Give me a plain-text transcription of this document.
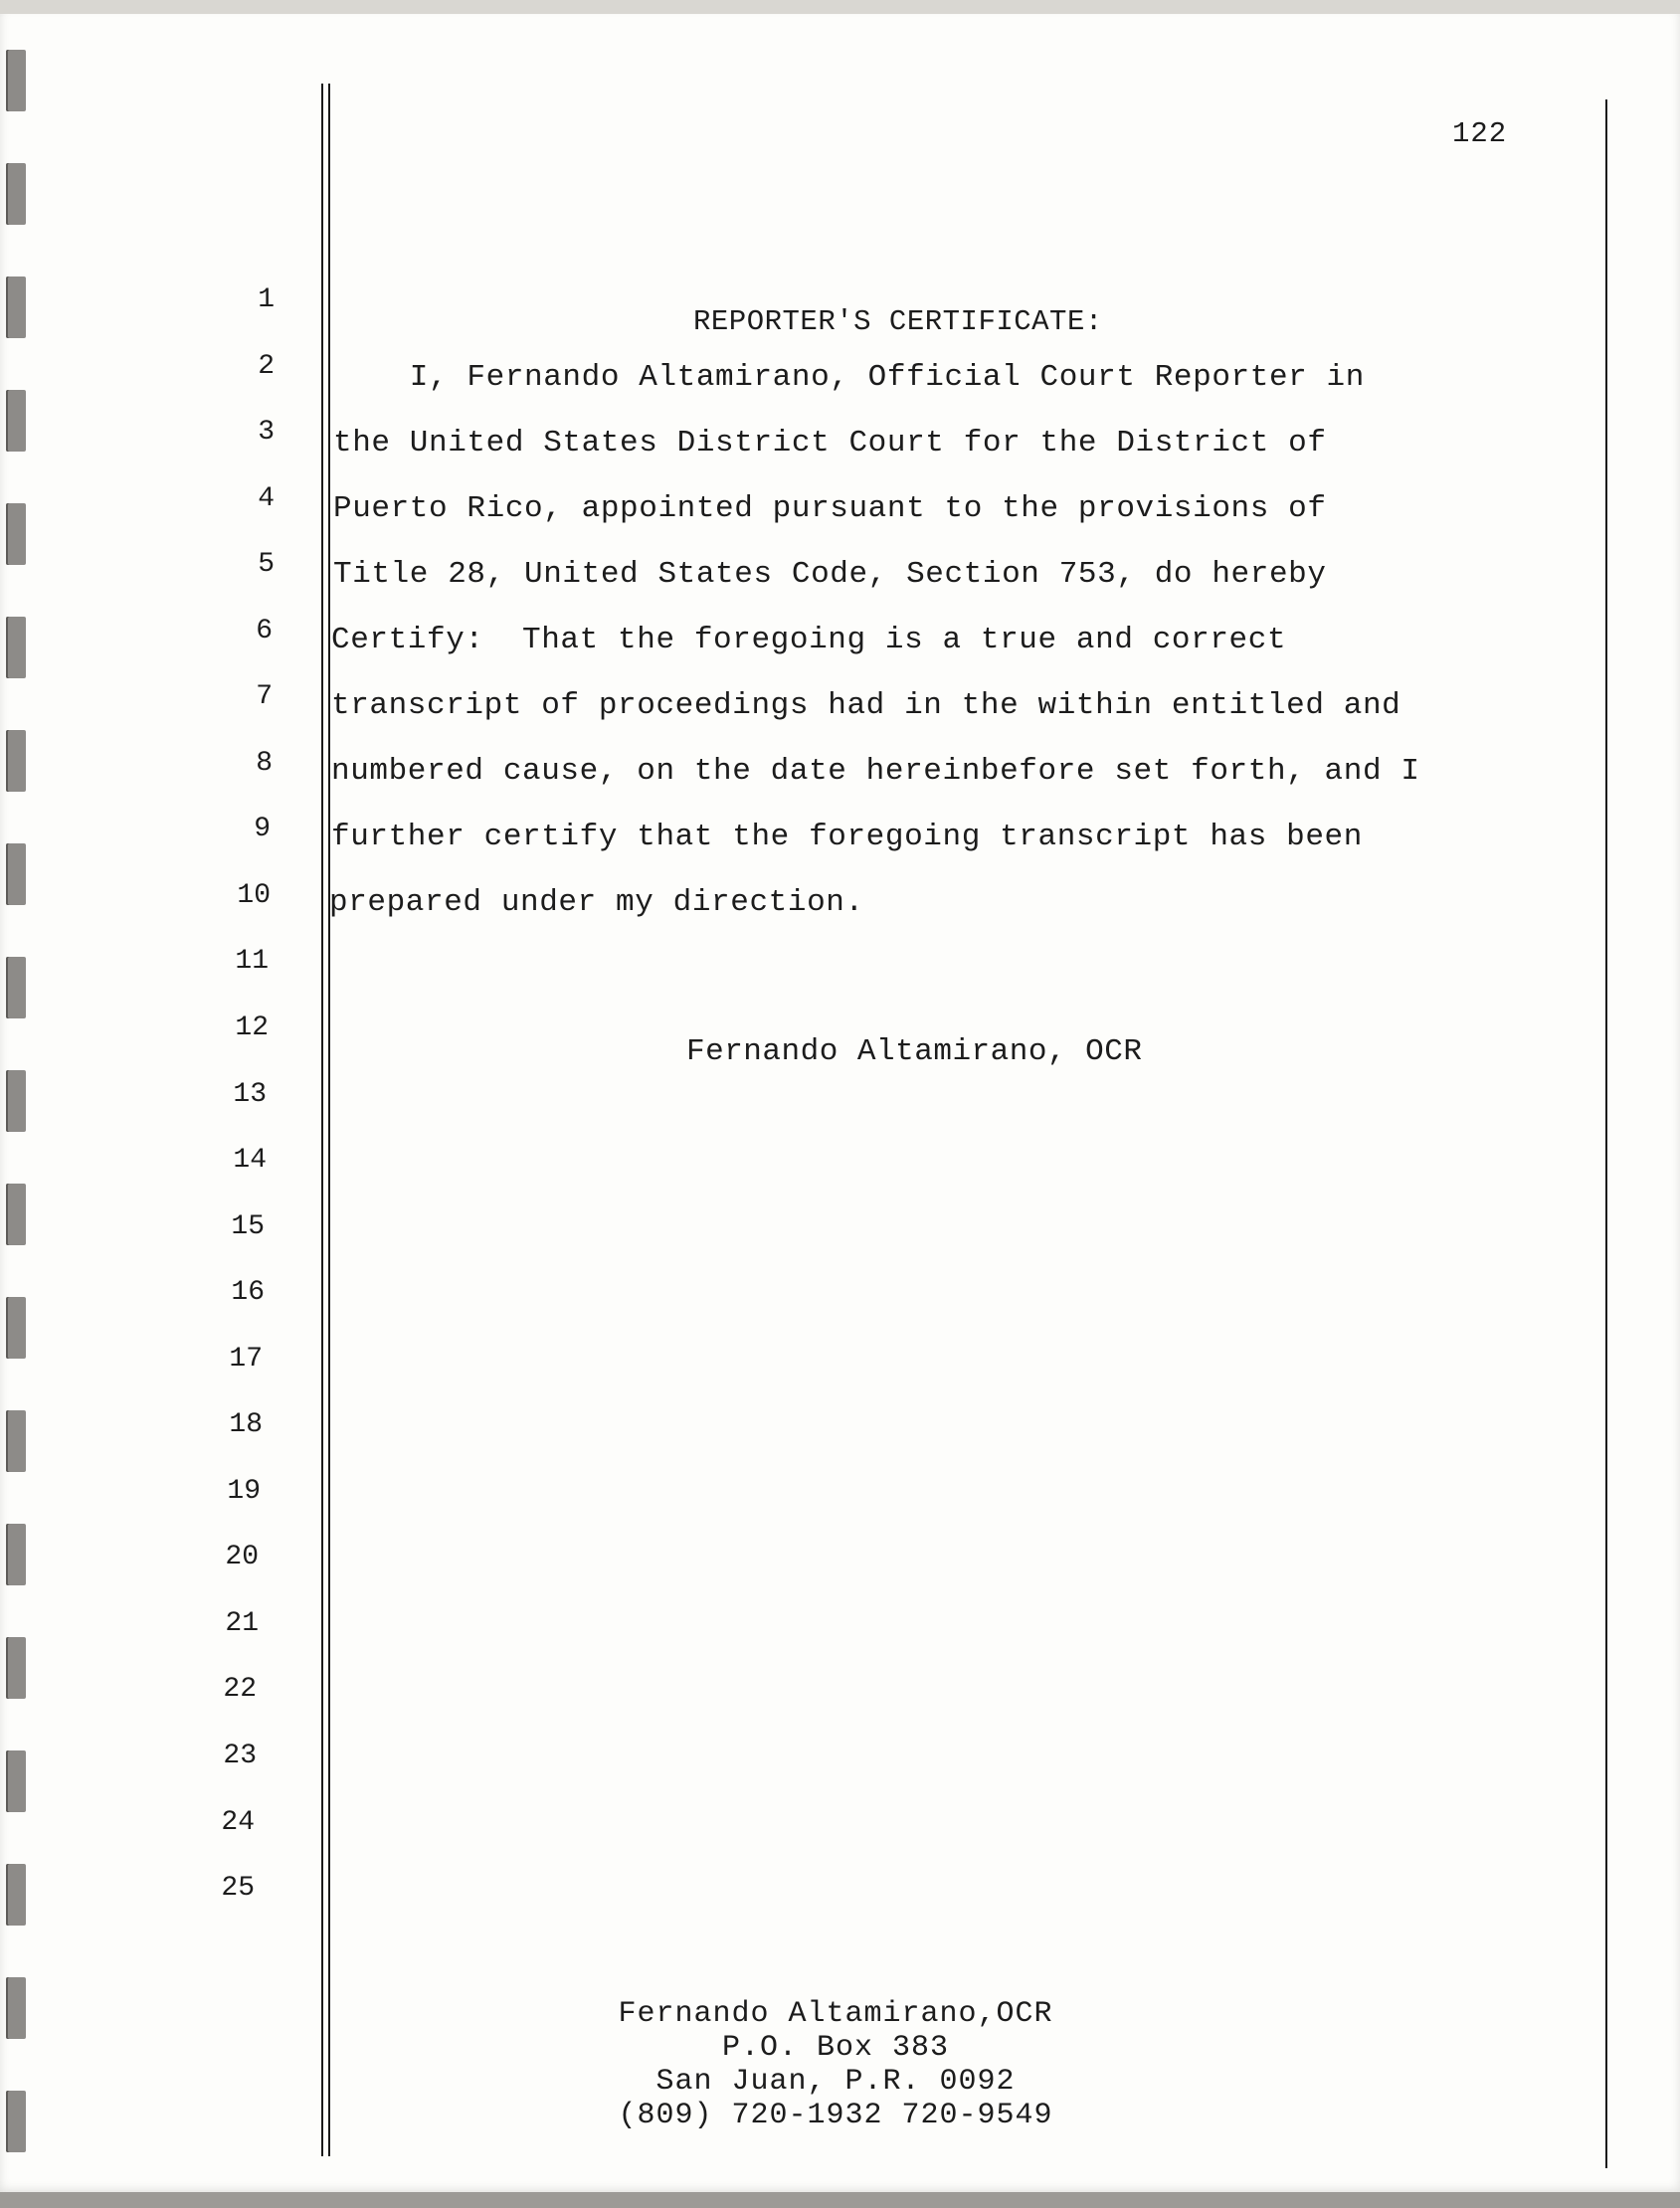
122
1
2
3
4
5
6
7
8
9
10
11
12
13
14
15
16
17
18
19
20
21
22
23
24
25
REPORTER'S CERTIFICATE:
I, Fernando Altamirano, Official Court Reporter in
the United States District Court for the District of
Puerto Rico, appointed pursuant to the provisions of
Title 28, United States Code, Section 753, do hereby
Certify:  That the foregoing is a true and correct
transcript of proceedings had in the within entitled and
numbered cause, on the date hereinbefore set forth, and I
further certify that the foregoing transcript has been
prepared under my direction.
Fernando Altamirano, OCR
Fernando Altamirano,OCR
P.O. Box 383
San Juan, P.R. 0092
(809) 720-1932 720-9549
